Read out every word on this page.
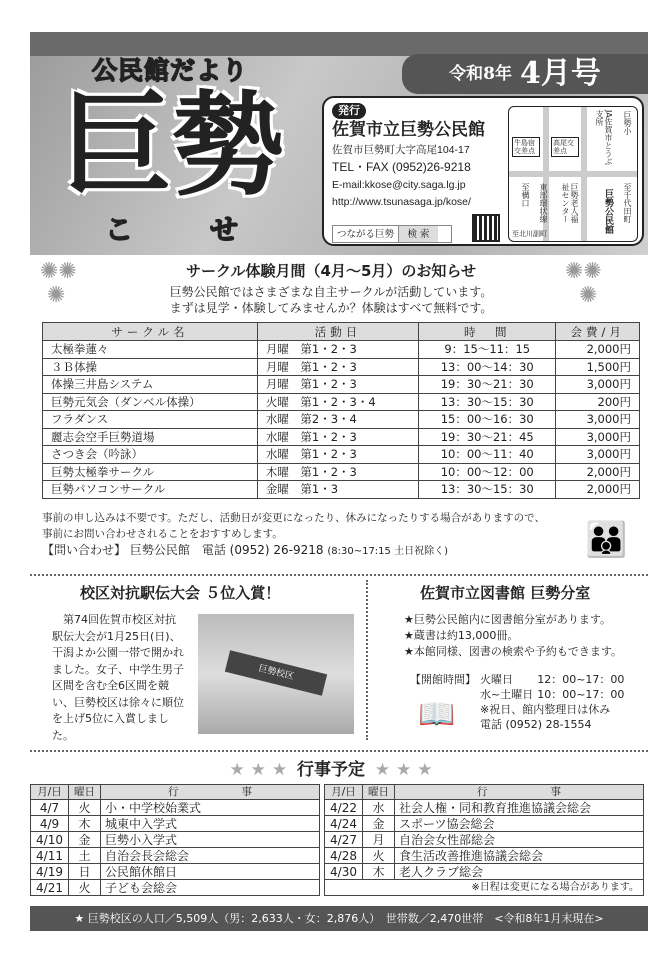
公民館だより
巨勢
こ	せ
令和8年 4月号
発行
佐賀市立巨勢公民館
佐賀市巨勢町大字高尾104-17
TEL・FAX (0952)26-9218
E-mail:kkose@city.saga.lg.jp
http://www.tsunasaga.jp/kose/
つながる巨勢	検 索
牛島宿交差点
高尾交差点	JA佐賀市とうぶ支所	巨勢小
至構口 東部環状線	巨勢老人福祉センター	巨勢公民館 至千代田町
至北川副町
✺✺
✺
✺✺
✺
サークル体験月間（4月～5月）のお知らせ
巨勢公民館ではさまざまな自主サークルが活動しています。
まずは見学・体験してみませんか？体験はすべて無料です。
サークル名	活動日	時　間	会費/月
太極拳蓮々	月曜　第1・2・3	9：15～11：15	2,000円
３Ｂ体操	月曜　第1・2・3	13：00～14：30	1,500円
体操三井島システム	月曜　第1・2・3	19：30～21：30	3,000円
巨勢元気会（ダンベル体操）	火曜　第1・2・3・4	13：30～15：30	200円
フラダンス	水曜　第2・3・4	15：00～16：30	3,000円
麗志会空手巨勢道場	水曜　第1・2・3	19：30～21：45	3,000円
さつき会（吟詠）	水曜　第1・2・3	10：00～11：40	3,000円
巨勢太極拳サークル	木曜　第1・2・3	10：00～12：00	2,000円
巨勢パソコンサークル	金曜　第1・3	13：30～15：30	2,000円
事前の申し込みは不要です。ただし、活動日が変更になったり、休みになったりする場合がありますので、
事前にお問い合わせされることをおすすめします。
【問い合わせ】 巨勢公民館　電話 (0952) 26-9218 (8:30~17:15 土日祝除く)	👪
校区対抗駅伝大会 ５位入賞！
第74回佐賀市校区対抗駅伝大会が1月25日(日)、干潟よか公園一帯で開かれました。女子、中学生男子区間を含む全6区間を競い、巨勢校区は徐々に順位を上げ5位に入賞しました。
巨勢校区
佐賀市立図書館 巨勢分室
★巨勢公民館内に図書館分室があります。
★蔵書は約13,000冊。
★本館同様、図書の検索や予約もできます。
【開館時間】	火曜日	12：00~17：00
	水~土曜日	10：00~17：00
	※祝日、館内整理日は休み	
	電話 (0952) 28-1554	
📖
★ ★ ★ 行事予定 ★ ★ ★
月/日	曜日	行　　　　　　事
4/7	火	小・中学校始業式
4/9	木	城東中入学式
4/10	金	巨勢小入学式
4/11	土	自治会長会総会
4/19	日	公民館休館日
4/21	火	子ども会総会
月/日	曜日	行　　　　　　事
4/22	水	社会人権・同和教育推進協議会総会
4/24	金	スポーツ協会総会
4/27	月	自治会女性部総会
4/28	火	食生活改善推進協議会総会
4/30	木	老人クラブ総会
※日程は変更になる場合があります。		
★ 巨勢校区の人口／5,509人（男：2,633人・女：2,876人）　世帯数／2,470世帯　<令和8年1月末現在>
